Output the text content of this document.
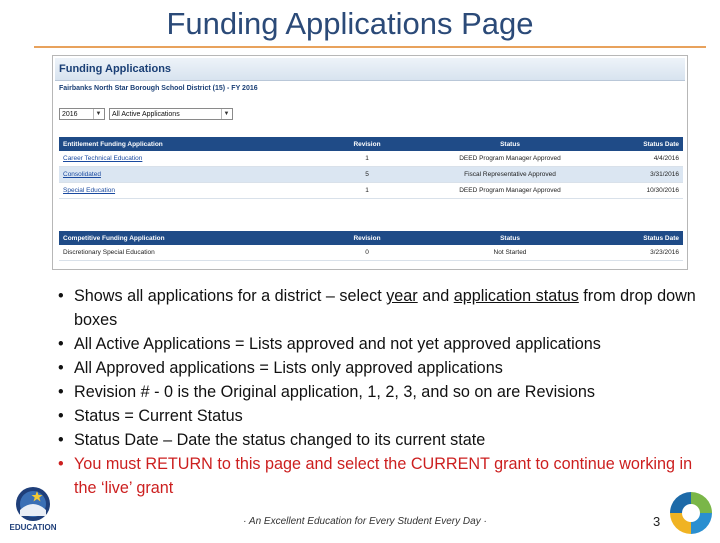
Funding Applications Page
Funding Applications
Fairbanks North Star Borough School District (15) - FY 2016
2016	▼	All Active Applications	▼
Entitlement Funding Application	Revision	Status	Status Date
Career Technical Education	1	DEED Program Manager Approved	4/4/2016
Consolidated	5	Fiscal Representative Approved	3/31/2016
Special Education	1	DEED Program Manager Approved	10/30/2016
Competitive Funding Application	Revision	Status	Status Date
Discretionary Special Education	0	Not Started	3/23/2016
• Shows all applications for a district – select year and application status from drop down boxes
• All Active Applications = Lists approved and not yet approved applications
• All Approved applications = Lists only approved applications
• Revision # - 0 is the Original application, 1, 2, 3, and so on are Revisions
• Status = Current Status
• Status Date – Date the status changed to its current state
• You must RETURN to this page and select the CURRENT grant to continue working in the ‘live’ grant
EDUCATION
· An Excellent Education for Every Student Every Day ·	3
